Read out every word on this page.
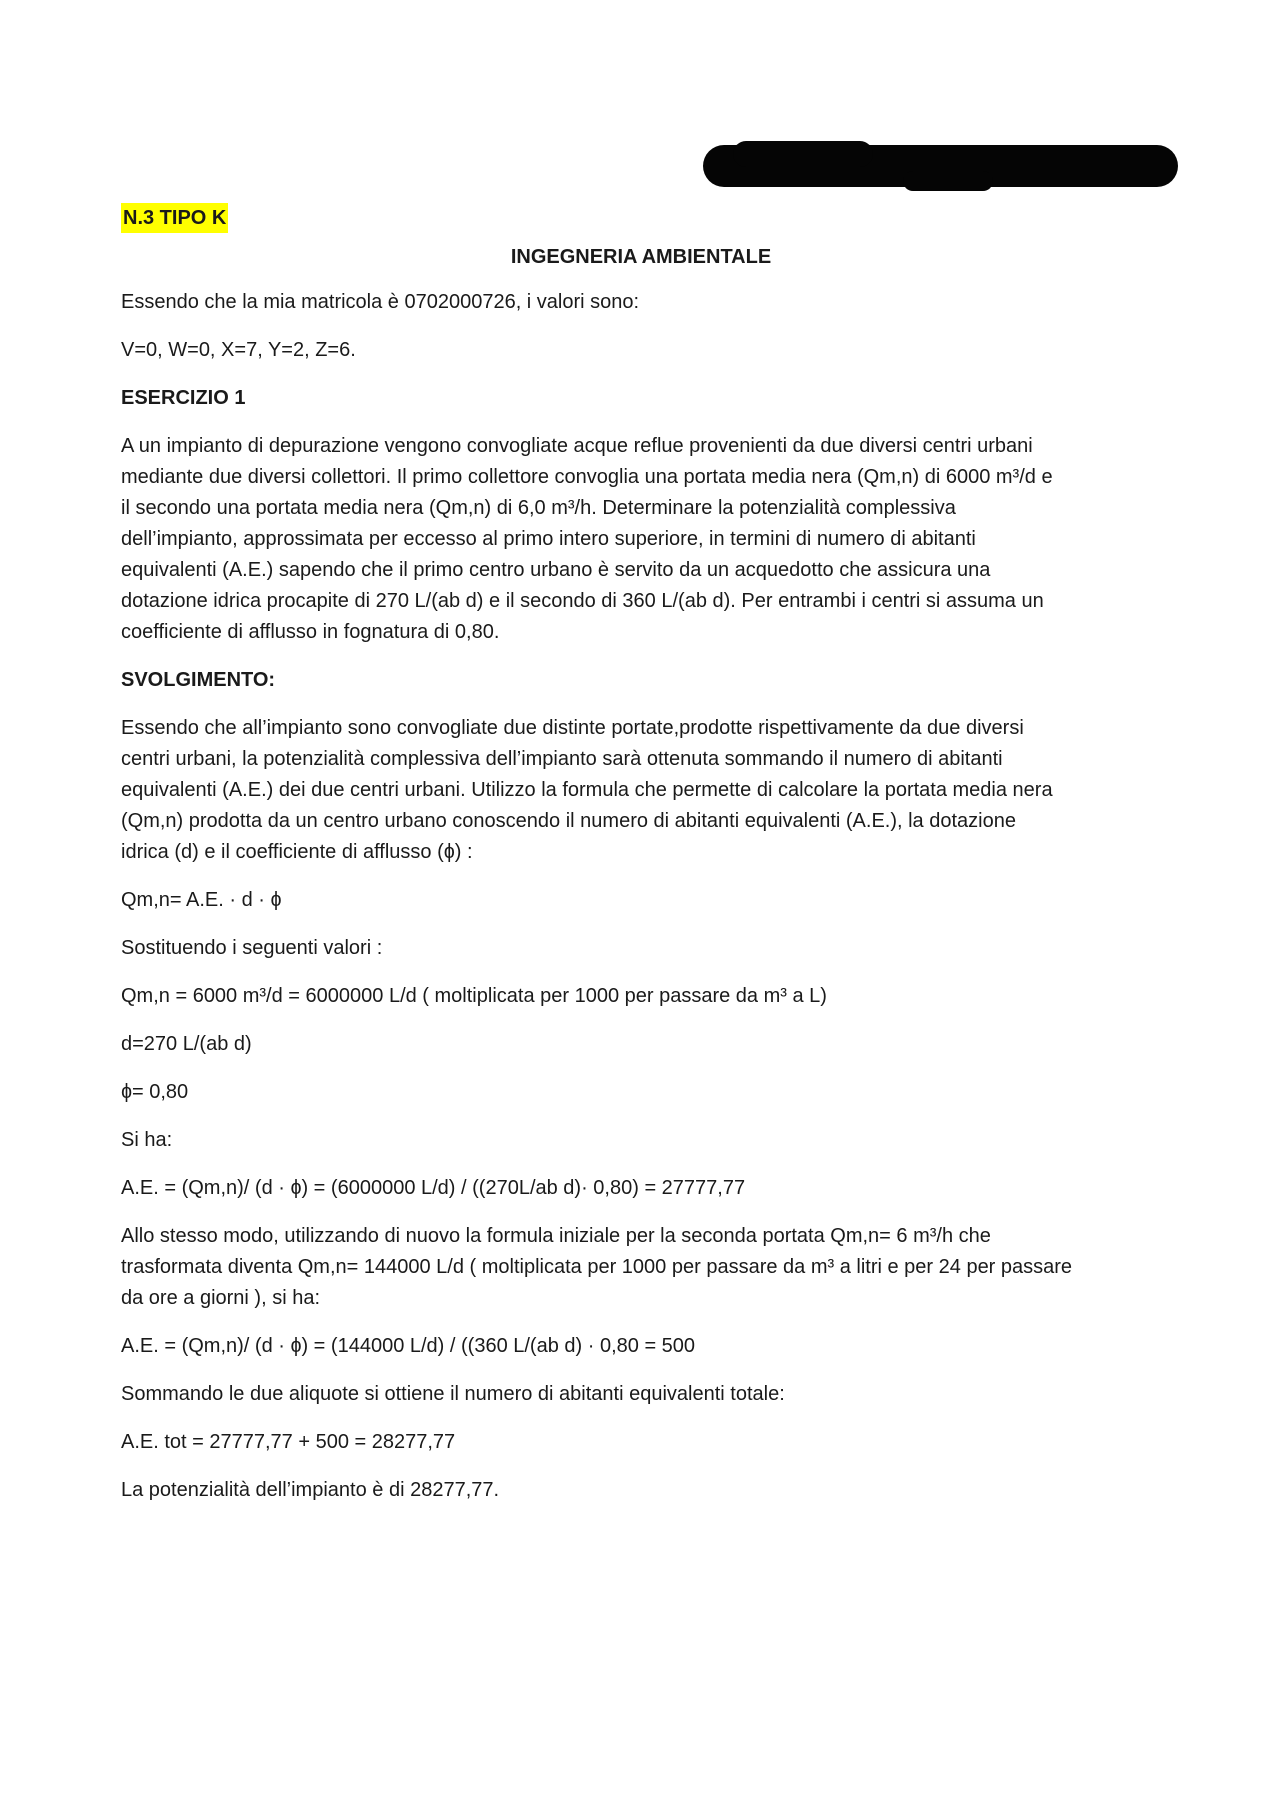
N.3 TIPO K

INGEGNERIA AMBIENTALE

Essendo che la mia matricola è 0702000726, i valori sono:

V=0, W=0, X=7, Y=2, Z=6.

ESERCIZIO 1

A un impianto di depurazione vengono convogliate acque reflue provenienti da due diversi centri urbani
mediante due diversi collettori. Il primo collettore convoglia una portata media nera (Qm,n) di 6000 m³/d e
il secondo una portata media nera (Qm,n) di 6,0 m³/h. Determinare la potenzialità complessiva
dell’impianto, approssimata per eccesso al primo intero superiore, in termini di numero di abitanti
equivalenti (A.E.) sapendo che il primo centro urbano è servito da un acquedotto che assicura una
dotazione idrica procapite di 270 L/(ab d) e il secondo di 360 L/(ab d). Per entrambi i centri si assuma un
coefficiente di afflusso in fognatura di 0,80.

SVOLGIMENTO:

Essendo che all’impianto sono convogliate due distinte portate,prodotte rispettivamente da due diversi
centri urbani, la potenzialità complessiva dell’impianto sarà ottenuta sommando il numero di abitanti
equivalenti (A.E.) dei due centri urbani. Utilizzo la formula che permette di calcolare la portata media nera
(Qm,n) prodotta da un centro urbano conoscendo il numero di abitanti equivalenti (A.E.), la dotazione
idrica (d) e il coefficiente di afflusso (ɸ) :

Qm,n= A.E. · d · ɸ

Sostituendo i seguenti valori :

Qm,n = 6000 m³/d = 6000000 L/d ( moltiplicata per 1000 per passare da m³ a L)

d=270 L/(ab d)

ɸ= 0,80

Si ha:

A.E. = (Qm,n)/ (d · ɸ) = (6000000 L/d) / ((270L/ab d)· 0,80) = 27777,77

Allo stesso modo, utilizzando di nuovo la formula iniziale per la seconda portata Qm,n= 6 m³/h che
trasformata diventa Qm,n= 144000 L/d ( moltiplicata per 1000 per passare da m³ a litri e per 24 per passare
da ore a giorni ), si ha:

A.E. = (Qm,n)/ (d · ɸ) = (144000 L/d) / ((360 L/(ab d) · 0,80 = 500

Sommando le due aliquote si ottiene il numero di abitanti equivalenti totale:

A.E. tot = 27777,77 + 500 = 28277,77

La potenzialità dell’impianto è di 28277,77.
